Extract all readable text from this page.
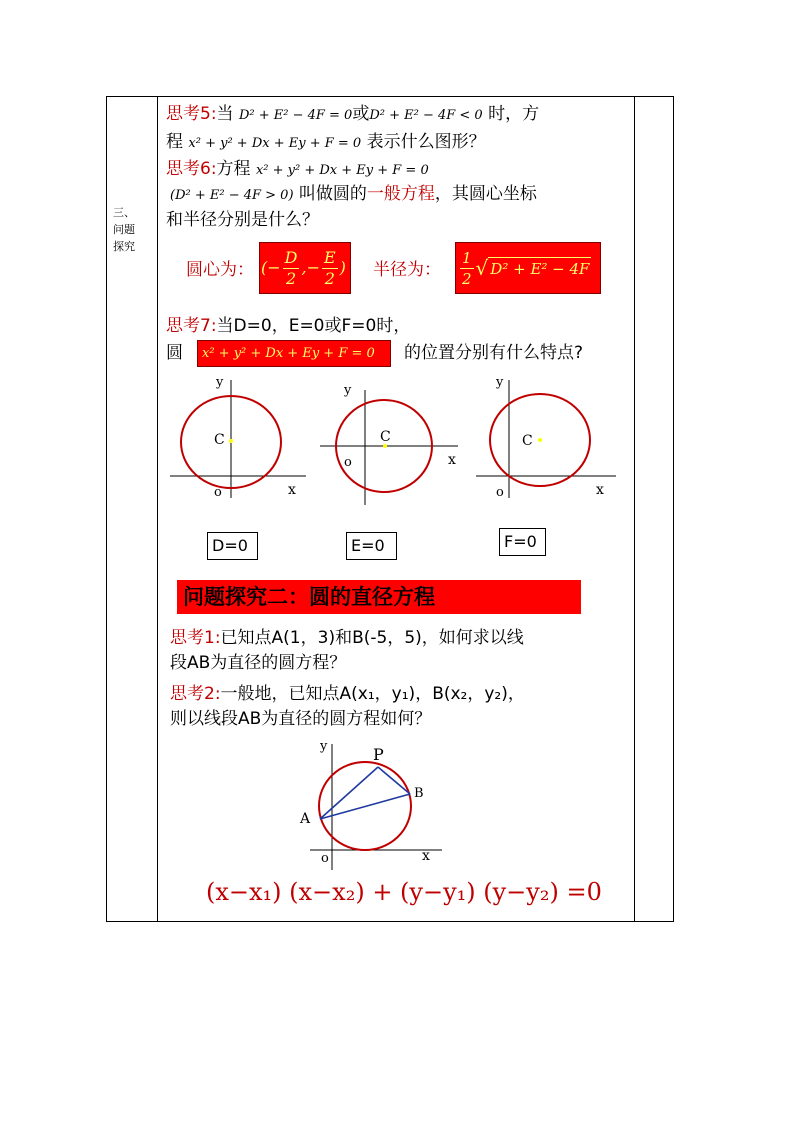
三、
问题
探究
思考5:当 D² + E² − 4F = 0或D² + E² − 4F < 0 时，方
程 x² + y² + Dx + Ey + F = 0 表示什么图形？
思考6:方程 x² + y² + Dx + Ey + F = 0
(D² + E² − 4F > 0) 叫做圆的一般方程，其圆心坐标
和半径分别是什么？
圆心为： (− $\frac{D}{2}$ ,− $\frac{E}{2}$ ) 半径为： $\frac{1}{2}$ √ D² + E² − 4F
思考7:当D=0，E=0或F=0时，
圆 x² + y² + Dx + Ey + F = 0 的位置分别有什么特点?
y
x
o
C
y
x
o
C
y
x
o
C
D=0	E=0	F=0
问题探究二：圆的直径方程
思考1:已知点A(1，3)和B(-5，5)，如何求以线
段AB为直径的圆方程？
思考2:一般地，已知点A(x₁，y₁)，B(x₂，y₂)，
则以线段AB为直径的圆方程如何？
y
x
o
P
A
B
(x−x₁) (x−x₂) + (y−y₁) (y−y₂) =0
